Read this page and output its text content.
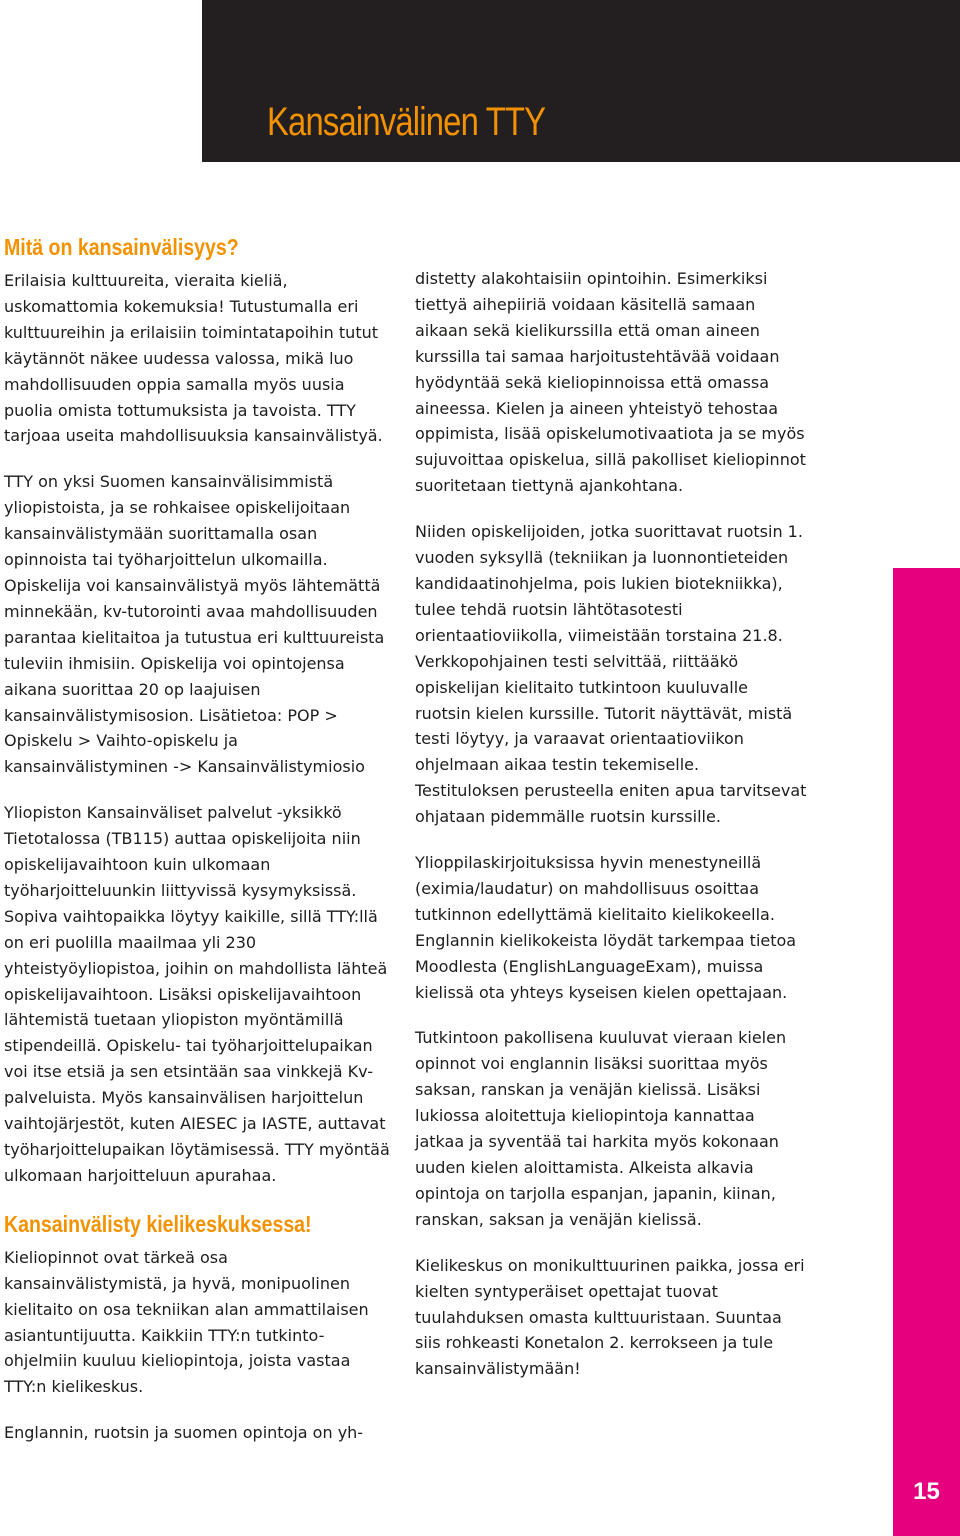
Kansainvälinen TTY
Mitä on kansainvälisyys?

Erilaisia kulttuureita, vieraita kieliä, uskomattomia kokemuksia! Tutustumalla eri kulttuureihin ja erilaisiin toimintatapoihin tutut käytännöt näkee uudessa valossa, mikä luo mahdollisuuden oppia samalla myös uusia puolia omista tottumuksista ja tavoista. TTY tarjoaa useita mahdollisuuksia kansainvälistyä.

TTY on yksi Suomen kansainvälisimmistä yliopistoista, ja se rohkaisee opiskelijoitaan kansainvälistymään suorittamalla osan opinnoista tai työharjoittelun ulkomailla. Opiskelija voi kansainvälistyä myös lähtemättä minnekään, kv-tutorointi avaa mahdollisuuden parantaa kielitaitoa ja tutustua eri kulttuureista tuleviin ihmisiin. Opiskelija voi opintojensa aikana suorittaa 20 op laajuisen kansainvälistymisosion. Lisätietoa: POP > Opiskelu > Vaihto-opiskelu ja kansainvälistyminen -> Kansainvälistymiosio

Yliopiston Kansainväliset palvelut -yksikkö Tietotalossa (TB115) auttaa opiskelijoita niin opiskelijavaihtoon kuin ulkomaan työharjoitteluunkin liittyvissä kysymyksissä. Sopiva vaihtopaikka löytyy kaikille, sillä TTY:llä on eri puolilla maailmaa yli 230 yhteistyöyliopistoa, joihin on mahdollista lähteä opiskelijavaihtoon. Lisäksi opiskelijavaihtoon lähtemistä tuetaan yliopiston myöntämillä stipendeillä. Opiskelu- tai työharjoittelupaikan voi itse etsiä ja sen etsintään saa vinkkejä Kv-palveluista. Myös kansainvälisen harjoittelun vaihtojärjestöt, kuten AIESEC ja IASTE, auttavat työharjoittelupaikan löytämisessä. TTY myöntää ulkomaan harjoitteluun apurahaa.

Kansainvälisty kielikeskuksessa!

Kieliopinnot ovat tärkeä osa kansainvälistymistä, ja hyvä, monipuolinen kielitaito on osa tekniikan alan ammattilaisen asiantuntijuutta. Kaikkiin TTY:n tutkinto-ohjelmiin kuuluu kieliopintoja, joista vastaa TTY:n kielikeskus.

Englannin, ruotsin ja suomen opintoja on yh-

distetty alakohtaisiin opintoihin. Esimerkiksi tiettyä aihepiiriä voidaan käsitellä samaan aikaan sekä kielikurssilla että oman aineen kurssilla tai samaa harjoitustehtävää voidaan hyödyntää sekä kieliopinnoissa että omassa aineessa. Kielen ja aineen yhteistyö tehostaa oppimista, lisää opiskelumotivaatiota ja se myös sujuvoittaa opiskelua, sillä pakolliset kieliopinnot suoritetaan tiettynä ajankohtana.

Niiden opiskelijoiden, jotka suorittavat ruotsin 1. vuoden syksyllä (tekniikan ja luonnontieteiden kandidaatinohjelma, pois lukien biotekniikka), tulee tehdä ruotsin lähtötasotesti orientaatioviikolla, viimeistään torstaina 21.8. Verkkopohjainen testi selvittää, riittääkö opiskelijan kielitaito tutkintoon kuuluvalle ruotsin kielen kurssille. Tutorit näyttävät, mistä testi löytyy, ja varaavat orientaatioviikon ohjelmaan aikaa testin tekemiselle. Testituloksen perusteella eniten apua tarvitsevat ohjataan pidemmälle ruotsin kurssille.

Ylioppilaskirjoituksissa hyvin menestyneillä (eximia/laudatur) on mahdollisuus osoittaa tutkinnon edellyttämä kielitaito kielikokeella. Englannin kielikokeista löydät tarkempaa tietoa Moodlesta (EnglishLanguageExam), muissa kielissä ota yhteys kyseisen kielen opettajaan.

Tutkintoon pakollisena kuuluvat vieraan kielen opinnot voi englannin lisäksi suorittaa myös saksan, ranskan ja venäjän kielissä. Lisäksi lukiossa aloitettuja kieliopintoja kannattaa jatkaa ja syventää tai harkita myös kokonaan uuden kielen aloittamista. Alkeista alkavia opintoja on tarjolla espanjan, japanin, kiinan, ranskan, saksan ja venäjän kielissä.

Kielikeskus on monikulttuurinen paikka, jossa eri kielten syntyperäiset opettajat tuovat tuulahduksen omasta kulttuuristaan. Suuntaa siis rohkeasti Konetalon 2. kerrokseen ja tule kansainvälistymään!

15
